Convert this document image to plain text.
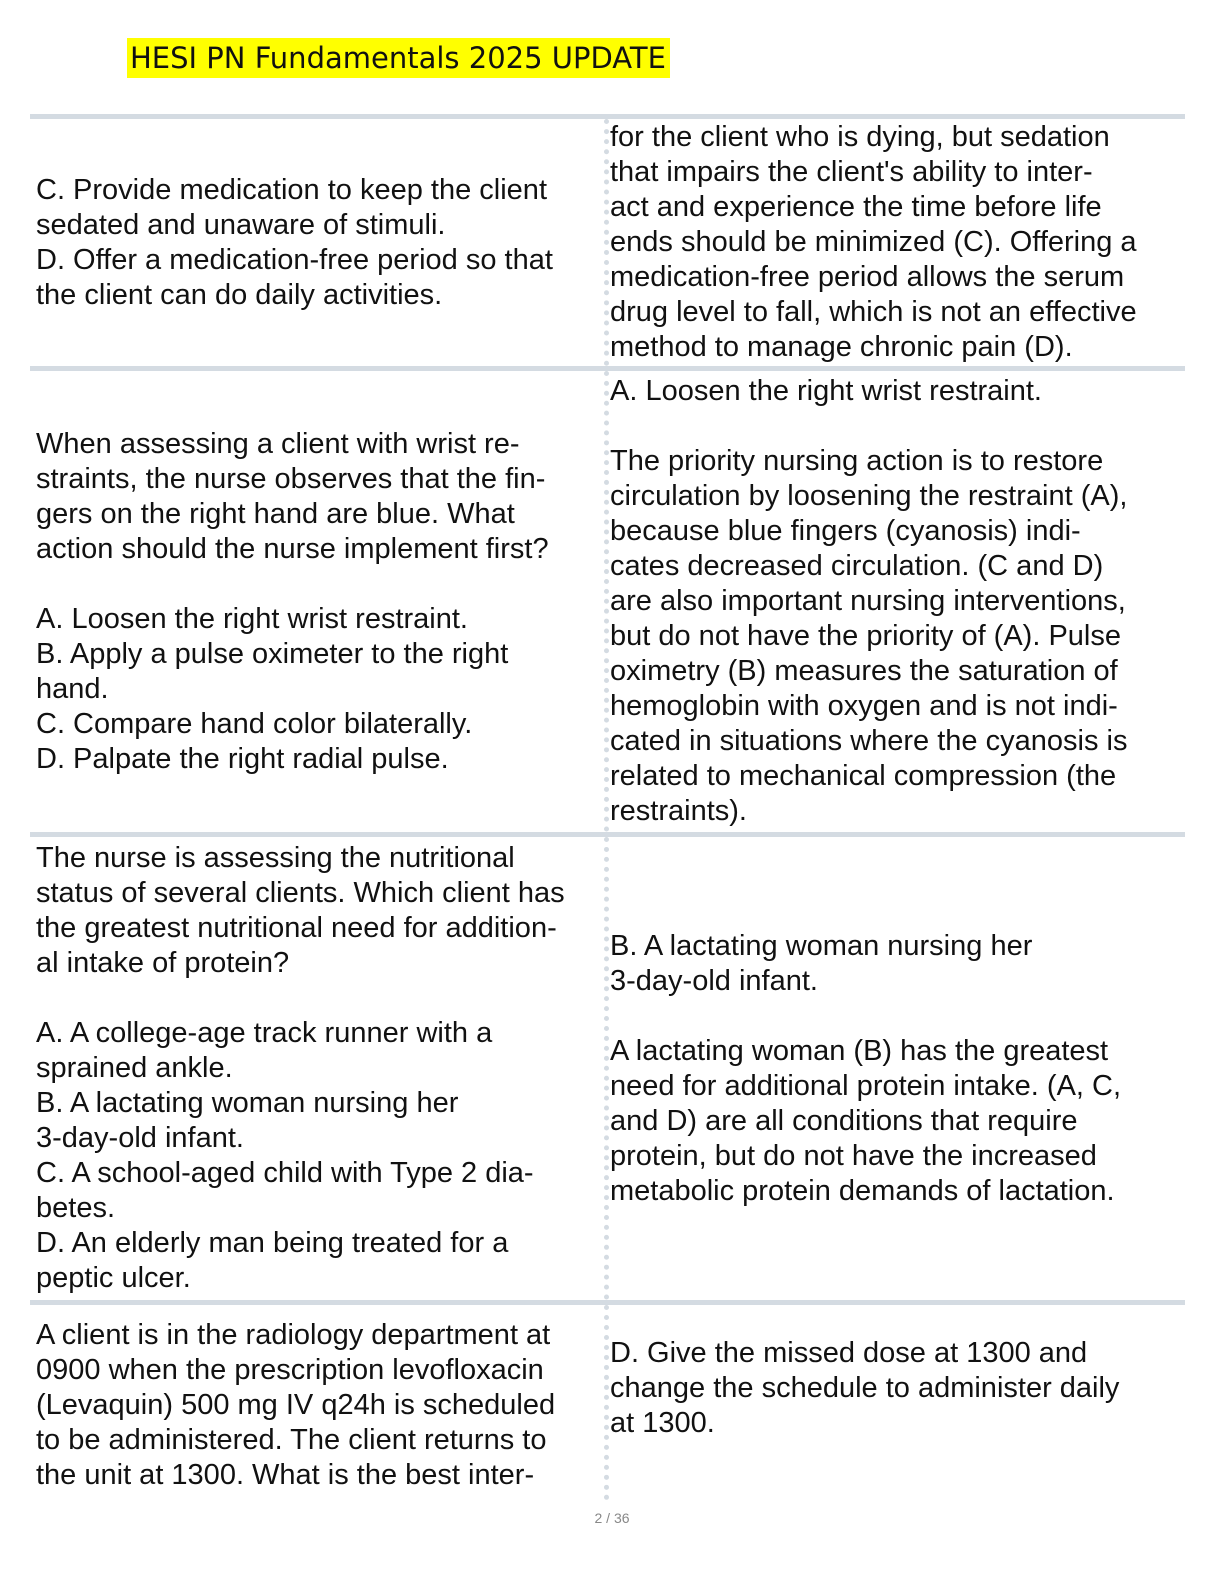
HESI PN Fundamentals 2025 UPDATE
C. Provide medication to keep the client
sedated and unaware of stimuli.
D. Offer a medication-free period so that
the client can do daily activities.
for the client who is dying, but sedation
that impairs the client's ability to inter-
act and experience the time before life
ends should be minimized (C). Offering a
medication-free period allows the serum
drug level to fall, which is not an effective
method to manage chronic pain (D).
When assessing a client with wrist re-
straints, the nurse observes that the fin-
gers on the right hand are blue. What
action should the nurse implement first?
A. Loosen the right wrist restraint.
B. Apply a pulse oximeter to the right
hand.
C. Compare hand color bilaterally.
D. Palpate the right radial pulse.
A. Loosen the right wrist restraint.
The priority nursing action is to restore
circulation by loosening the restraint (A),
because blue fingers (cyanosis) indi-
cates decreased circulation. (C and D)
are also important nursing interventions,
but do not have the priority of (A). Pulse
oximetry (B) measures the saturation of
hemoglobin with oxygen and is not indi-
cated in situations where the cyanosis is
related to mechanical compression (the
restraints).
The nurse is assessing the nutritional
status of several clients. Which client has
the greatest nutritional need for addition-
al intake of protein?
A. A college-age track runner with a
sprained ankle.
B. A lactating woman nursing her
3-day-old infant.
C. A school-aged child with Type 2 dia-
betes.
D. An elderly man being treated for a
peptic ulcer.
B. A lactating woman nursing her
3-day-old infant.
A lactating woman (B) has the greatest
need for additional protein intake. (A, C,
and D) are all conditions that require
protein, but do not have the increased
metabolic protein demands of lactation.
A client is in the radiology department at
0900 when the prescription levofloxacin
(Levaquin) 500 mg IV q24h is scheduled
to be administered. The client returns to
the unit at 1300. What is the best inter-
D. Give the missed dose at 1300 and
change the schedule to administer daily
at 1300.
2 / 36
